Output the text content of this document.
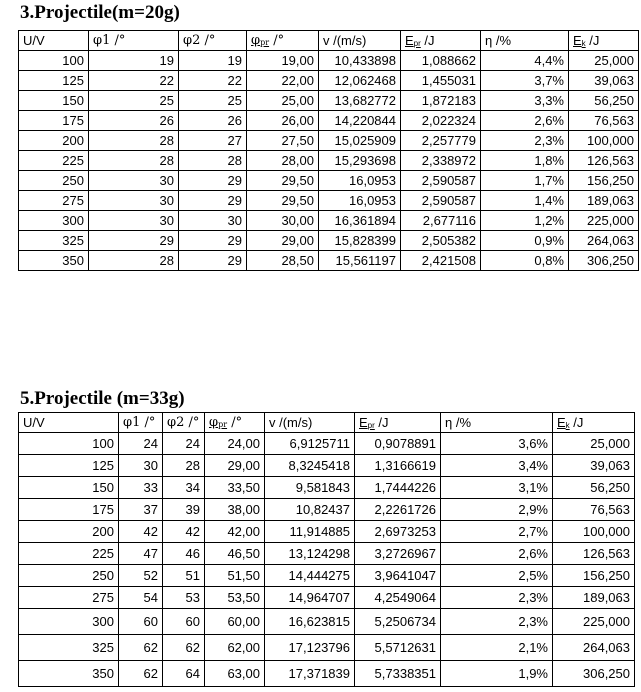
3.Projectile(m=20g)
U/V	φ1 /°	φ2 /°	$\varphi_{pr}$ /°	v /(m/s)	$E_{pr}$ /J	η /%	$E_k$ /J
100	19	19	19,00	10,433898	1,088662	4,4%	25,000
125	22	22	22,00	12,062468	1,455031	3,7%	39,063
150	25	25	25,00	13,682772	1,872183	3,3%	56,250
175	26	26	26,00	14,220844	2,022324	2,6%	76,563
200	28	27	27,50	15,025909	2,257779	2,3%	100,000
225	28	28	28,00	15,293698	2,338972	1,8%	126,563
250	30	29	29,50	16,0953	2,590587	1,7%	156,250
275	30	29	29,50	16,0953	2,590587	1,4%	189,063
300	30	30	30,00	16,361894	2,677116	1,2%	225,000
325	29	29	29,00	15,828399	2,505382	0,9%	264,063
350	28	29	28,50	15,561197	2,421508	0,8%	306,250
5.Projectile (m=33g)
U/V	φ1 /°	φ2 /°	$\varphi_{pr}$ /°	v /(m/s)	$E_{pr}$ /J	η /%	$E_k$ /J
100	24	24	24,00	6,9125711	0,9078891	3,6%	25,000
125	30	28	29,00	8,3245418	1,3166619	3,4%	39,063
150	33	34	33,50	9,581843	1,7444226	3,1%	56,250
175	37	39	38,00	10,82437	2,2261726	2,9%	76,563
200	42	42	42,00	11,914885	2,6973253	2,7%	100,000
225	47	46	46,50	13,124298	3,2726967	2,6%	126,563
250	52	51	51,50	14,444275	3,9641047	2,5%	156,250
275	54	53	53,50	14,964707	4,2549064	2,3%	189,063
300	60	60	60,00	16,623815	5,2506734	2,3%	225,000
325	62	62	62,00	17,123796	5,5712631	2,1%	264,063
350	62	64	63,00	17,371839	5,7338351	1,9%	306,250
